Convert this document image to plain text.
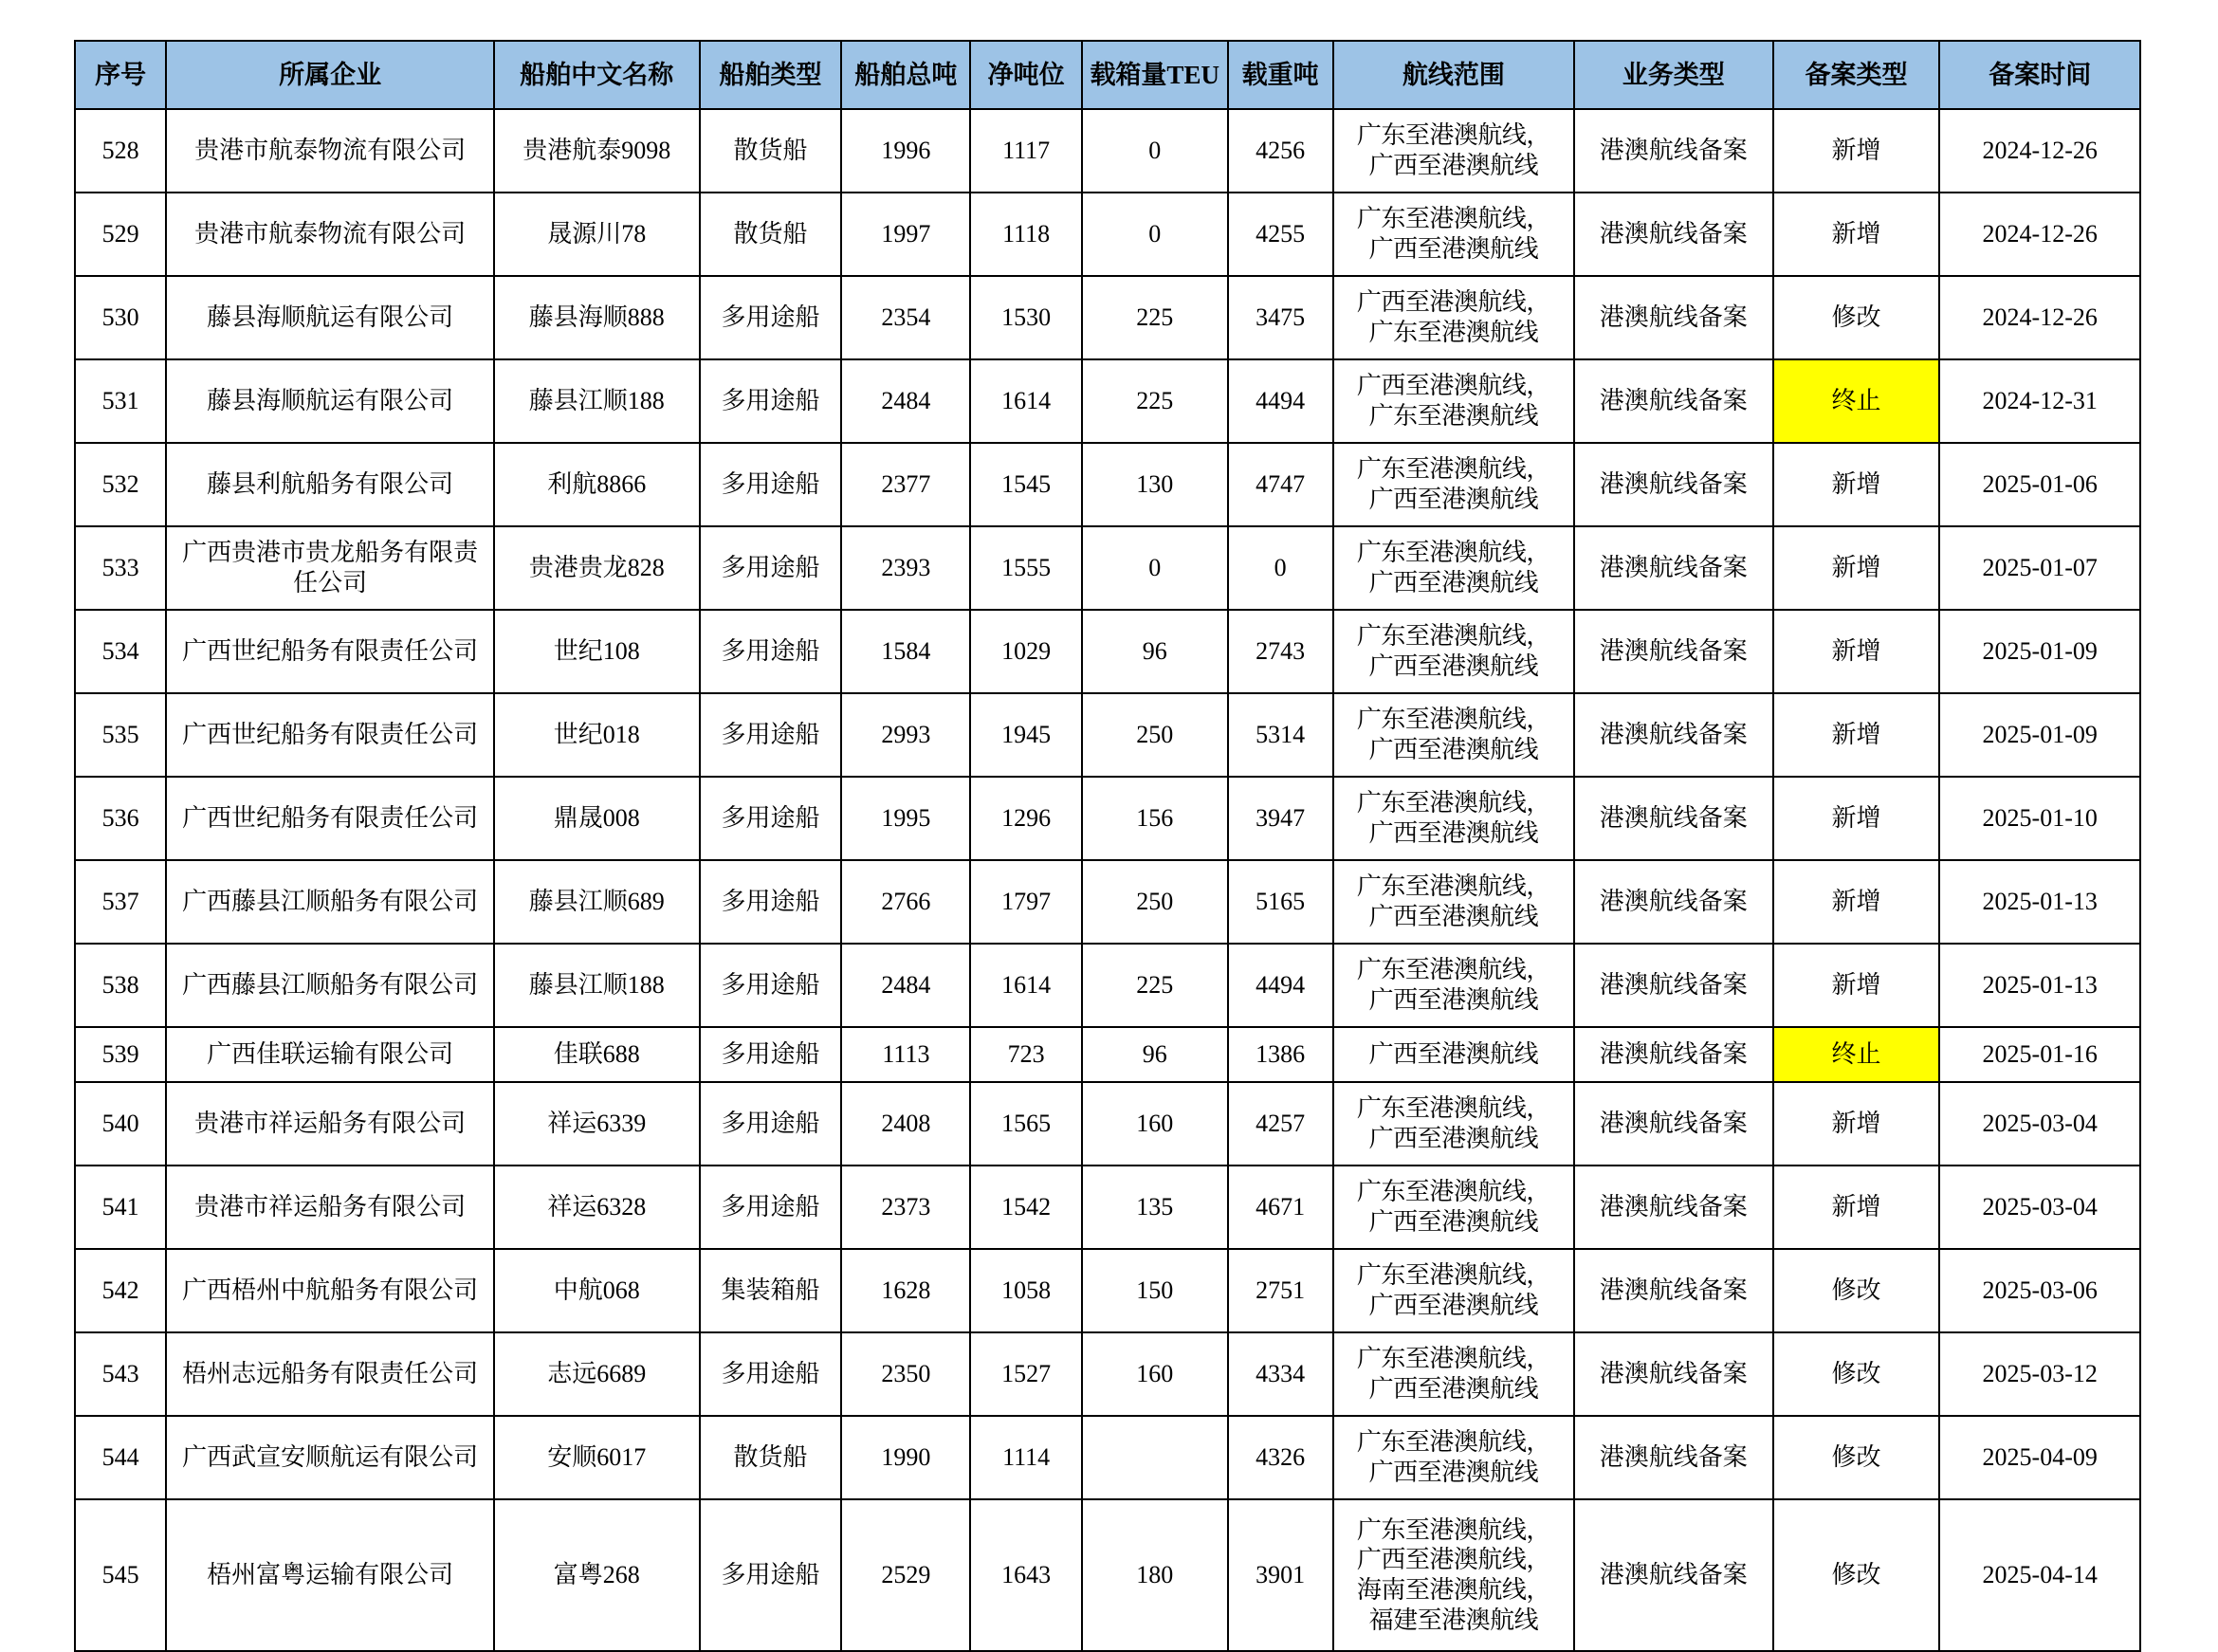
序号	所属企业	船舶中文名称	船舶类型	船舶总吨	净吨位	载箱量TEU	载重吨	航线范围	业务类型	备案类型	备案时间
528	贵港市航泰物流有限公司	贵港航泰9098	散货船	1996	1117	0	4256	广东至港澳航线，
广西至港澳航线	港澳航线备案	新增	2024-12-26
529	贵港市航泰物流有限公司	晟源川78	散货船	1997	1118	0	4255	广东至港澳航线，
广西至港澳航线	港澳航线备案	新增	2024-12-26
530	藤县海顺航运有限公司	藤县海顺888	多用途船	2354	1530	225	3475	广西至港澳航线，
广东至港澳航线	港澳航线备案	修改	2024-12-26
531	藤县海顺航运有限公司	藤县江顺188	多用途船	2484	1614	225	4494	广西至港澳航线，
广东至港澳航线	港澳航线备案	终止	2024-12-31
532	藤县利航船务有限公司	利航8866	多用途船	2377	1545	130	4747	广东至港澳航线，
广西至港澳航线	港澳航线备案	新增	2025-01-06
533	广西贵港市贵龙船务有限责任公司	贵港贵龙828	多用途船	2393	1555	0	0	广东至港澳航线，
广西至港澳航线	港澳航线备案	新增	2025-01-07
534	广西世纪船务有限责任公司	世纪108	多用途船	1584	1029	96	2743	广东至港澳航线，
广西至港澳航线	港澳航线备案	新增	2025-01-09
535	广西世纪船务有限责任公司	世纪018	多用途船	2993	1945	250	5314	广东至港澳航线，
广西至港澳航线	港澳航线备案	新增	2025-01-09
536	广西世纪船务有限责任公司	鼎晟008	多用途船	1995	1296	156	3947	广东至港澳航线，
广西至港澳航线	港澳航线备案	新增	2025-01-10
537	广西藤县江顺船务有限公司	藤县江顺689	多用途船	2766	1797	250	5165	广东至港澳航线，
广西至港澳航线	港澳航线备案	新增	2025-01-13
538	广西藤县江顺船务有限公司	藤县江顺188	多用途船	2484	1614	225	4494	广东至港澳航线，
广西至港澳航线	港澳航线备案	新增	2025-01-13
539	广西佳联运输有限公司	佳联688	多用途船	1113	723	96	1386	广西至港澳航线	港澳航线备案	终止	2025-01-16
540	贵港市祥运船务有限公司	祥运6339	多用途船	2408	1565	160	4257	广东至港澳航线，
广西至港澳航线	港澳航线备案	新增	2025-03-04
541	贵港市祥运船务有限公司	祥运6328	多用途船	2373	1542	135	4671	广东至港澳航线，
广西至港澳航线	港澳航线备案	新增	2025-03-04
542	广西梧州中航船务有限公司	中航068	集装箱船	1628	1058	150	2751	广东至港澳航线，
广西至港澳航线	港澳航线备案	修改	2025-03-06
543	梧州志远船务有限责任公司	志远6689	多用途船	2350	1527	160	4334	广东至港澳航线，
广西至港澳航线	港澳航线备案	修改	2025-03-12
544	广西武宣安顺航运有限公司	安顺6017	散货船	1990	1114		4326	广东至港澳航线，
广西至港澳航线	港澳航线备案	修改	2025-04-09
545	梧州富粤运输有限公司	富粤268	多用途船	2529	1643	180	3901	广东至港澳航线，
广西至港澳航线，
海南至港澳航线，
福建至港澳航线	港澳航线备案	修改	2025-04-14
